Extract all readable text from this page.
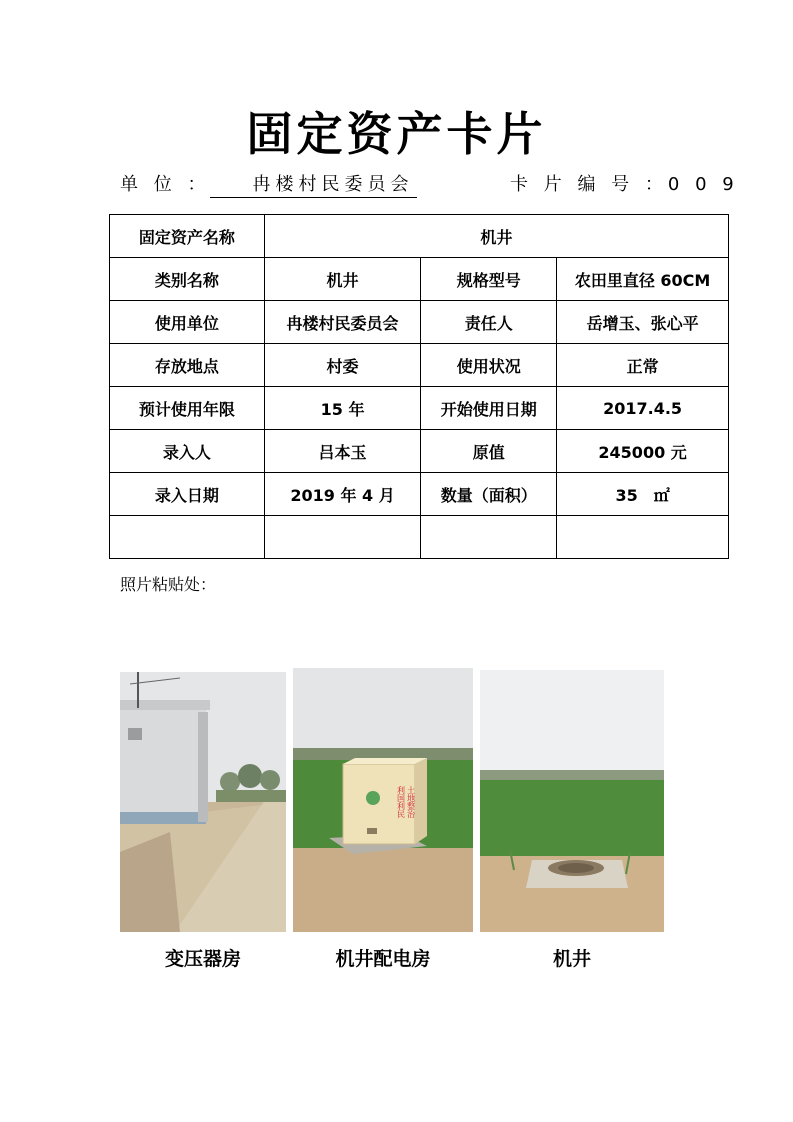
固定资产卡片
单 位 ： 冉楼村民委员会	卡 片 编 号 ：0 0 9
固定资产名称	机井		
类别名称	机井	规格型号	农田里直径 60CM
使用单位	冉楼村民委员会	责任人	岳增玉、张心平
存放地点	村委	使用状况	正常
预计使用年限	15 年	开始使用日期	2017.4.5
录入人	吕本玉	原值	245000 元
录入日期	2019 年 4 月	数量（面积）	35　㎡

照片粘贴处：
土地整治
利国利民
变压器房	机井配电房	机井
